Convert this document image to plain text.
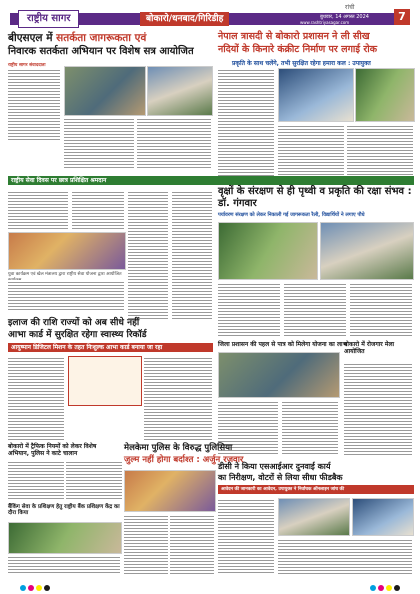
राष्ट्रीय सागर	बोकारो/धनबाद/गिरिडीह
रांची
बुधवार, 14 अगस्त 2024
www.rashtriyasagar.com	7
बीएसएल में सतर्कता जागरूकता एवं
निवारक सतर्कता अभियान पर विशेष सत्र आयोजित
राष्ट्रीय सागर संवाददाता
नेपाल त्रासदी से बोकारो प्रशासन ने ली सीख
नदियों के किनारे कंक्रीट निर्माण पर लगाई रोक
प्रकृति के साथ चलेंगे, तभी सुरक्षित रहेगा हमारा कल : उपायुक्त
राष्ट्रीय सेवा दिवस पर छात्र प्रशिक्षित श्रमदान
युवा कार्यक्रम एवं खेल मंत्रालय द्वारा राष्ट्रीय सेवा योजना द्वारा आयोजित
वृक्षों के संरक्षण से ही पृथ्वी व प्रकृति की रक्षा संभव : डॉ. गंगवार
पर्यावरण संरक्षण को लेकर निकाली गई जागरूकता रैली, विद्यार्थियों ने लगाए पौधे
इलाज की राशि राज्यों को अब सीधे नहीं
आभा कार्ड में सुरक्षित रहेगा स्वास्थ्य रिकॉर्ड
आयुष्मान डिजिटल मिशन के तहत निःशुल्क आभा कार्ड बनाया जा रहा	जिला प्रशासन की पहल से पात्र को मिलेगा योजना का लाभ
बोकारो में रोजगार मेला आयोजित
बोकारो में ट्रैफिक नियमों को लेकर विशेष अभियान, पुलिस ने काटे चालान
मेलकेमा पुलिस के विरुद्ध पुलिसिया
जुल्म नहीं होगा बर्दाश्त : अर्जुन रजवार
डीसी ने किया एसआईआर दुनवाई कार्य
का निरीक्षण, वोटरों से लिया सीधा फीडबैक
आवेदन की जानकारी का आवेदन, उपायुक्त ने निर्वाचक ऑनलाइन जांच की
बैंकिंग सेवा के प्रशिक्षण हेतु राष्ट्रीय बैंक प्रशिक्षण केंद्र का दौरा किया
